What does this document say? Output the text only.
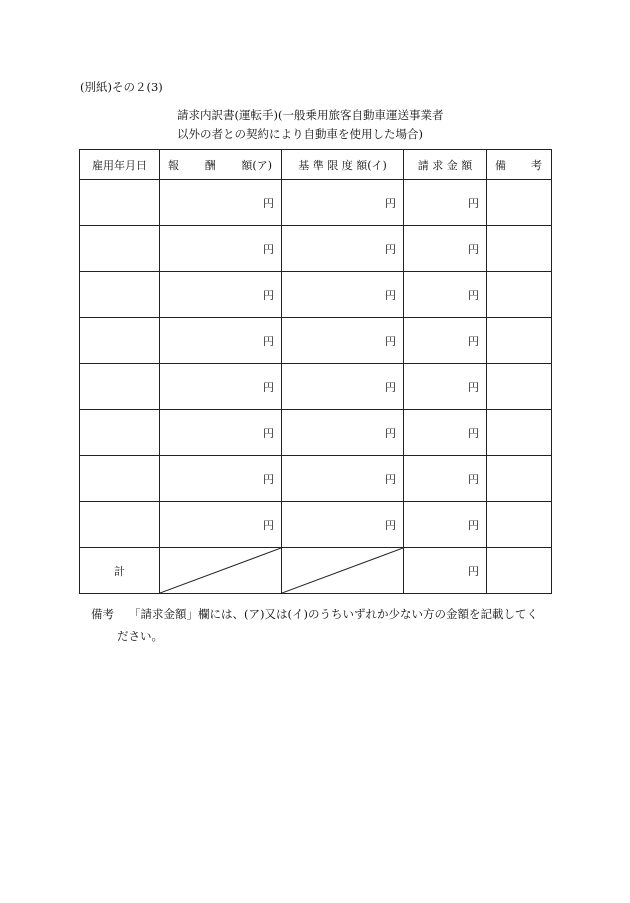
(別紙)その２(3)
請求内訳書(運転手)(一般乗用旅客自動車運送事業者
以外の者との契約により自動車を使用した場合)
雇用年月日	報 酬 額(ア)	基 準 限 度 額(イ)	請 求 金 額	備 考

	円	円	円	
	円	円	円	
	円	円	円	
	円	円	円	
	円	円	円	
	円	円	円	
	円	円	円	
	円	円	円	
計			円	
備考 「請求金額」欄には、(ア)又は(イ)のうちいずれか少ない方の金額を記載してく
ださい。
